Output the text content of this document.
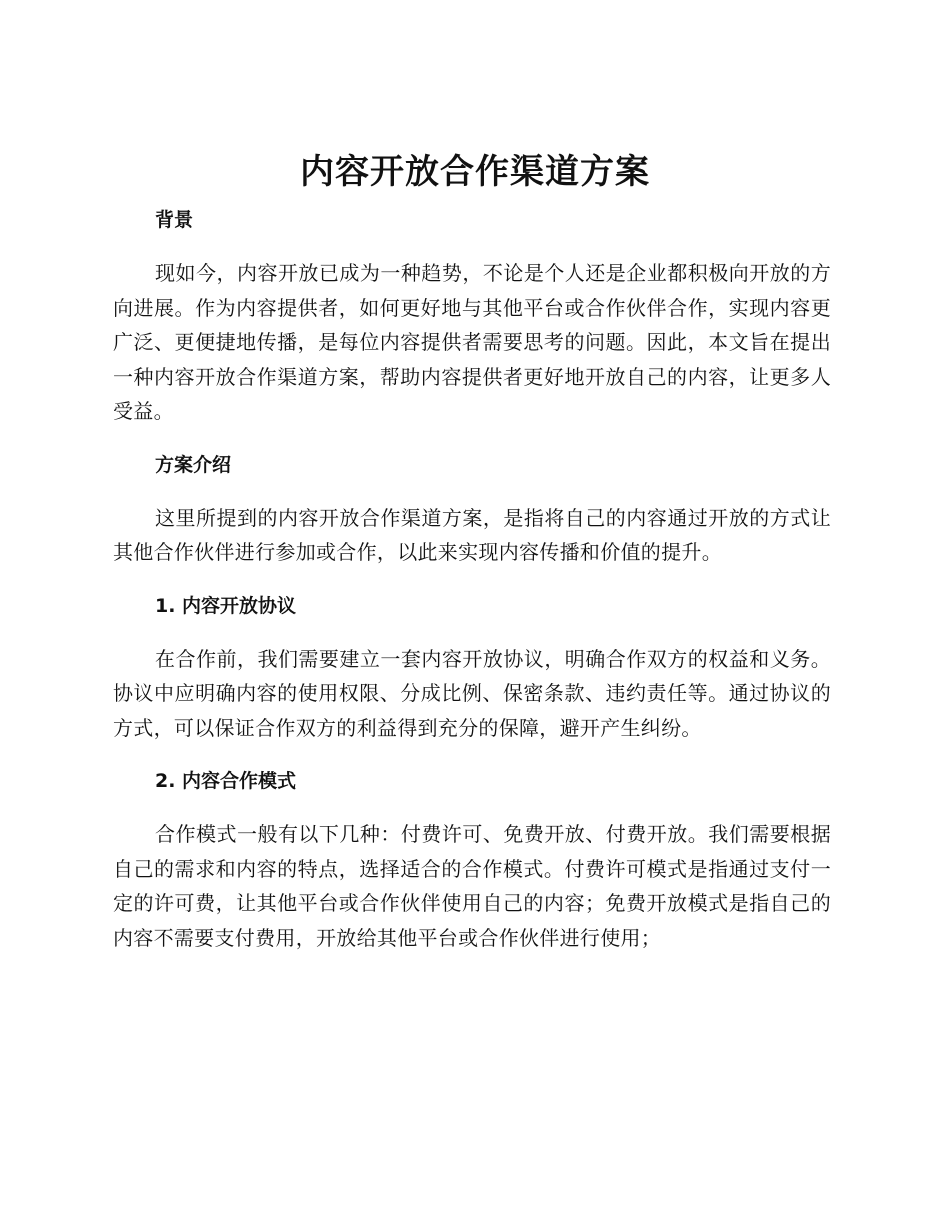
内容开放合作渠道方案
背景

现如今，内容开放已成为一种趋势，不论是个人还是企业都积极向开放的方向进展。作为内容提供者，如何更好地与其他平台或合作伙伴合作，实现内容更广泛、更便捷地传播，是每位内容提供者需要思考的问题。因此，本文旨在提出一种内容开放合作渠道方案，帮助内容提供者更好地开放自己的内容，让更多人受益。

方案介绍

这里所提到的内容开放合作渠道方案，是指将自己的内容通过开放的方式让其他合作伙伴进行参加或合作，以此来实现内容传播和价值的提升。

1. 内容开放协议

在合作前，我们需要建立一套内容开放协议，明确合作双方的权益和义务。协议中应明确内容的使用权限、分成比例、保密条款、违约责任等。通过协议的方式，可以保证合作双方的利益得到充分的保障，避开产生纠纷。

2. 内容合作模式

合作模式一般有以下几种：付费许可、免费开放、付费开放。我们需要根据自己的需求和内容的特点，选择适合的合作模式。付费许可模式是指通过支付一定的许可费，让其他平台或合作伙伴使用自己的内容；免费开放模式是指自己的内容不需要支付费用，开放给其他平台或合作伙伴进行使用；
